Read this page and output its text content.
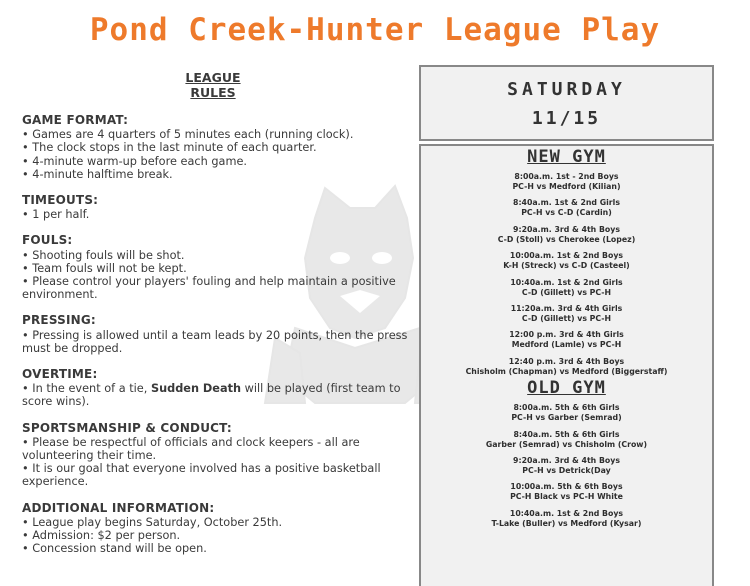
Pond Creek-Hunter League Play
LEAGUE
RULES
GAME FORMAT:
• Games are 4 quarters of 5 minutes each (running clock).
• The clock stops in the last minute of each quarter.
• 4-minute warm-up before each game.
• 4-minute halftime break.
TIMEOUTS:
• 1 per half.
FOULS:
• Shooting fouls will be shot.
• Team fouls will not be kept.
• Please control your players' fouling and help maintain a positive environment.
PRESSING:
• Pressing is allowed until a team leads by 20 points, then the press must be dropped.
OVERTIME:
• In the event of a tie, Sudden Death will be played (first team to score wins).
SPORTSMANSHIP & CONDUCT:
• Please be respectful of officials and clock keepers - all are volunteering their time.
• It is our goal that everyone involved has a positive basketball experience.
ADDITIONAL INFORMATION:
• League play begins Saturday, October 25th.
• Admission: $2 per person.
• Concession stand will be open.
SATURDAY
11/15
NEW GYM
8:00a.m. 1st - 2nd Boys
PC-H vs Medford (Kilian)
8:40a.m. 1st & 2nd Girls
PC-H vs C-D (Cardin)
9:20a.m. 3rd & 4th Boys
C-D (Stoll) vs Cherokee (Lopez)
10:00a.m. 1st & 2nd Boys
K-H (Streck) vs C-D (Casteel)
10:40a.m. 1st & 2nd Girls
C-D (Gillett) vs PC-H
11:20a.m. 3rd & 4th Girls
C-D (Gillett) vs PC-H
12:00 p.m. 3rd & 4th Girls
Medford (Lamle) vs PC-H
12:40 p.m. 3rd & 4th Boys
Chisholm (Chapman) vs Medford (Biggerstaff)
OLD GYM
8:00a.m. 5th & 6th Girls
PC-H vs Garber (Semrad)
8:40a.m. 5th & 6th Girls
Garber (Semrad) vs Chisholm (Crow)
9:20a.m. 3rd & 4th Boys
PC-H vs Detrick(Day
10:00a.m. 5th & 6th Boys
PC-H Black vs PC-H White
10:40a.m. 1st & 2nd Boys
T-Lake (Buller) vs Medford (Kysar)
